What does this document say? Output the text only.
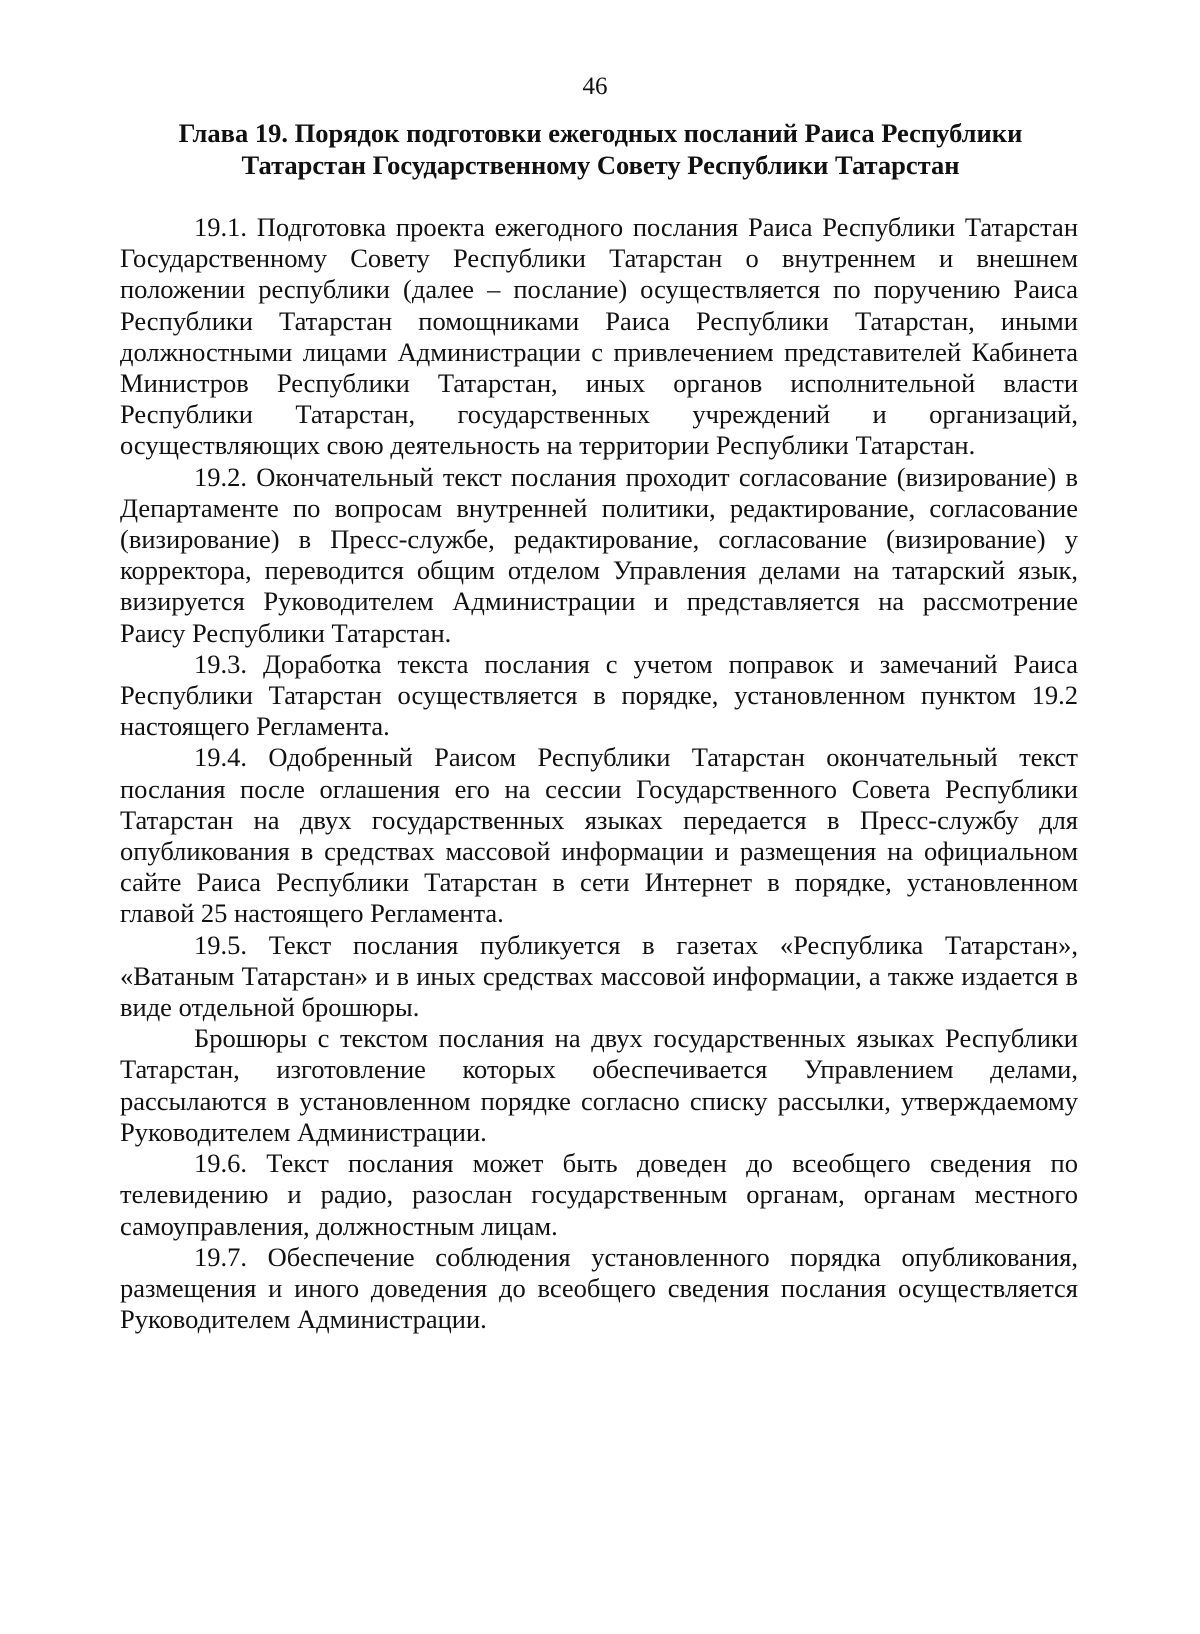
46
Глава 19. Порядок подготовки ежегодных посланий Раиса Республики
Татарстан Государственному Совету Республики Татарстан

19.1. Подготовка проекта ежегодного послания Раиса Республики Татарстан Государственному Совету Республики Татарстан о внутреннем и внешнем положении республики (далее – послание) осуществляется по поручению Раиса Республики Татарстан помощниками Раиса Республики Татарстан, иными должностными лицами Администрации с привлечением представителей Кабинета Министров Республики Татарстан, иных органов исполнительной власти Республики Татарстан, государственных учреждений и организаций, осуществляющих свою деятельность на территории Республики Татарстан.

19.2. Окончательный текст послания проходит согласование (визирование) в Департаменте по вопросам внутренней политики, редактирование, согласование (визирование) в Пресс-службе, редактирование, согласование (визирование) у корректора, переводится общим отделом Управления делами на татарский язык, визируется Руководителем Администрации и представляется на рассмотрение Раису Республики Татарстан.

19.3. Доработка текста послания с учетом поправок и замечаний Раиса Республики Татарстан осуществляется в порядке, установленном пунктом 19.2 настоящего Регламента.

19.4. Одобренный Раисом Республики Татарстан окончательный текст послания после оглашения его на сессии Государственного Совета Республики Татарстан на двух государственных языках передается в Пресс-службу для опубликования в средствах массовой информации и размещения на официальном сайте Раиса Республики Татарстан в сети Интернет в порядке, установленном главой 25 настоящего Регламента.

19.5. Текст послания публикуется в газетах «Республика Татарстан», «Ватаным Татарстан» и в иных средствах массовой информации, а также издается в виде отдельной брошюры.

Брошюры с текстом послания на двух государственных языках Республики Татарстан, изготовление которых обеспечивается Управлением делами, рассылаются в установленном порядке согласно списку рассылки, утверждаемому Руководителем Администрации.

19.6. Текст послания может быть доведен до всеобщего сведения по телевидению и радио, разослан государственным органам, органам местного самоуправления, должностным лицам.

19.7. Обеспечение соблюдения установленного порядка опубликования, размещения и иного доведения до всеобщего сведения послания осуществляется Руководителем Администрации.
